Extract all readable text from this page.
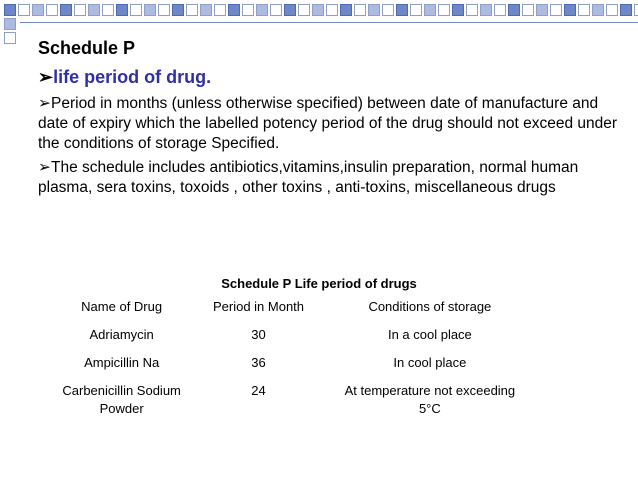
Schedule P
➢life period of drug.
➢Period in months (unless otherwise specified) between date of manufacture and date of expiry which the labelled potency period of the drug should not exceed under the conditions of storage Specified.
➢The schedule includes antibiotics,vitamins,insulin preparation, normal human plasma, sera toxins, toxoids , other toxins , anti-toxins, miscellaneous drugs
Schedule P Life period of drugs
Name of Drug	Period in Month	Conditions of storage
Adriamycin	30	In a cool place
Ampicillin Na	36	In cool place
Carbenicillin Sodium Powder	24	At temperature not exceeding 5°C
